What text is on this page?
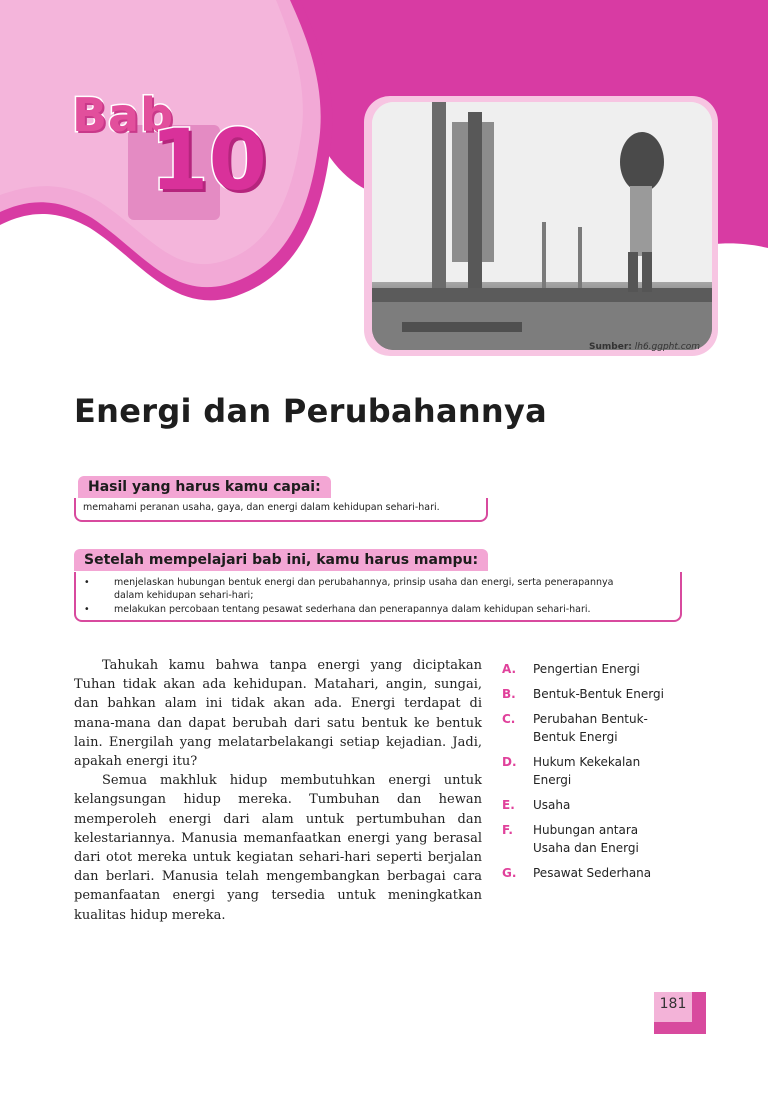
Bab
10
Sumber: lh6.ggpht.com
Energi dan Perubahannya
Hasil yang harus kamu capai:
memahami peranan usaha, gaya, dan energi dalam kehidupan sehari-hari.
Setelah mempelajari bab ini, kamu harus mampu:
•	menjelaskan hubungan bentuk energi dan perubahannya, prinsip usaha dan energi, serta penerapannya dalam kehidupan sehari-hari;
•	melakukan percobaan tentang pesawat sederhana dan penerapannya dalam kehidupan sehari-hari.

Tahukah kamu bahwa tanpa energi yang diciptakan Tuhan tidak akan ada kehidupan. Matahari, angin, sungai, dan bahkan alam ini tidak akan ada. Energi terdapat di mana-mana dan dapat berubah dari satu bentuk ke bentuk lain. Energilah yang melatarbelakangi setiap kejadian. Jadi, apakah energi itu?

Semua makhluk hidup membutuhkan energi untuk kelangsungan hidup mereka. Tumbuhan dan hewan memperoleh energi dari alam untuk pertumbuhan dan kelestariannya. Manusia memanfaatkan energi yang berasal dari otot mereka untuk kegiatan sehari-hari seperti berjalan dan berlari. Manusia telah mengembangkan berbagai cara pemanfaatan energi yang tersedia untuk meningkatkan kualitas hidup mereka.

A. Pengertian Energi
B. Bentuk-Bentuk Energi
C. Perubahan Bentuk-Bentuk Energi
D. Hukum Kekekalan Energi
E. Usaha
F. Hubungan antara Usaha dan Energi
G. Pesawat Sederhana
181
